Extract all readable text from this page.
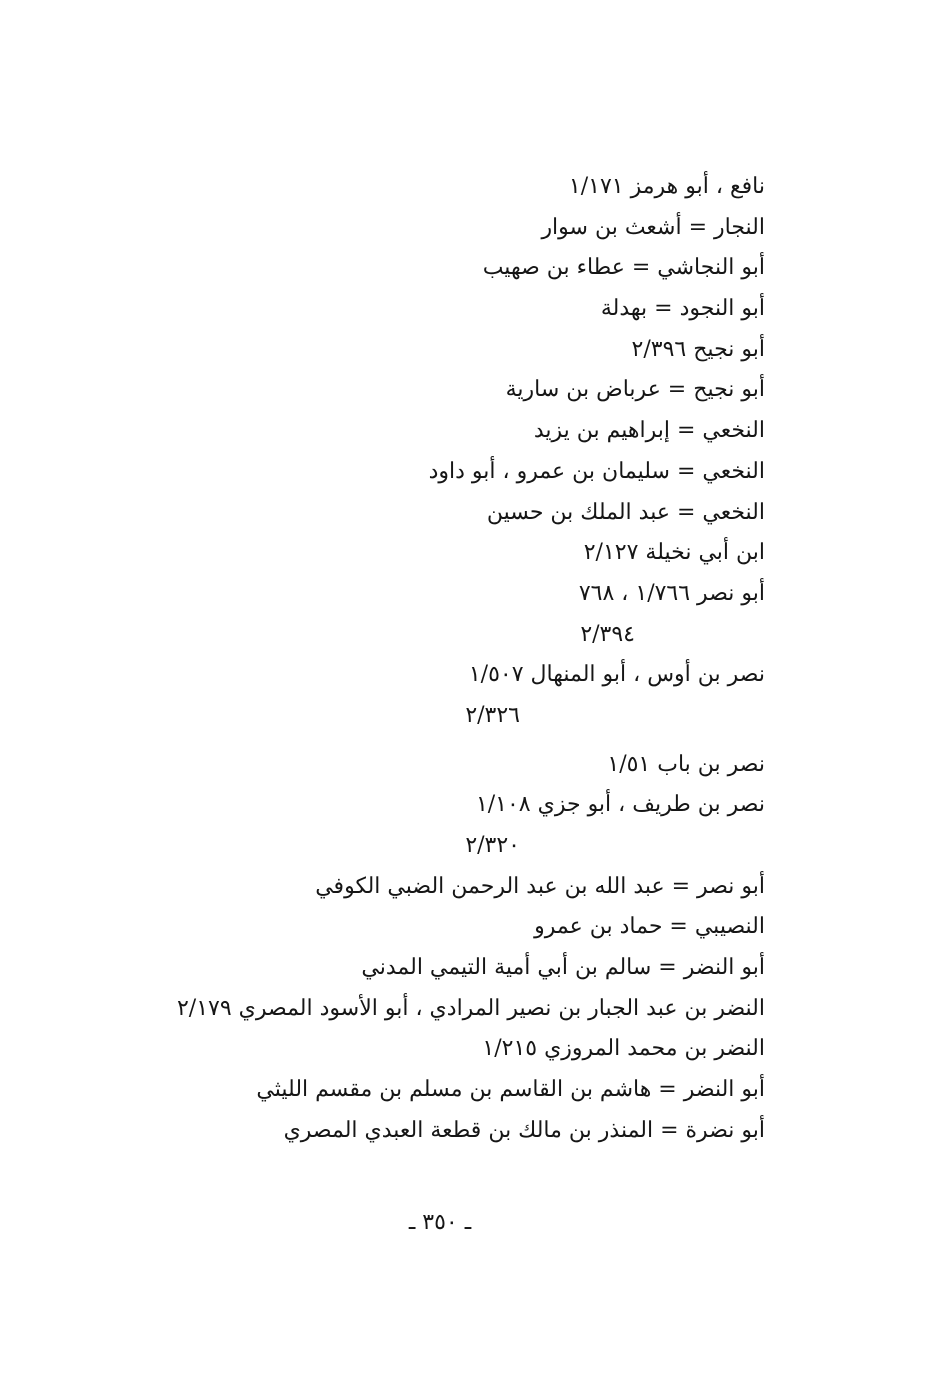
نافع ، أبو هرمز ١/١٧١
النجار = أشعث بن سوار
أبو النجاشي = عطاء بن صهيب
أبو النجود = بهدلة
أبو نجيح ٢/٣٩٦
أبو نجيح = عرباض بن سارية
النخعي = إبراهيم بن يزيد
النخعي = سليمان بن عمرو ، أبو داود
النخعي = عبد الملك بن حسين
ابن أبي نخيلة ٢/١٢٧
أبو نصر ١/٧٦٦ ، ٧٦٨
٢/٣٩٤
نصر بن أوس ، أبو المنهال ١/٥٠٧
٢/٣٢٦
نصر بن باب ١/٥١
نصر بن طريف ، أبو جزي ١/١٠٨
٢/٣٢٠
أبو نصر = عبد الله بن عبد الرحمن الضبي الكوفي
النصيبي = حماد بن عمرو
أبو النضر = سالم بن أبي أمية التيمي المدني
النضر بن عبد الجبار بن نصير المرادي ، أبو الأسود المصري ٢/١٧٩
النضر بن محمد المروزي ١/٢١٥
أبو النضر = هاشم بن القاسم بن مسلم بن مقسم الليثي
أبو نضرة = المنذر بن مالك بن قطعة العبدي المصري
ـ ٣٥٠ ـ
